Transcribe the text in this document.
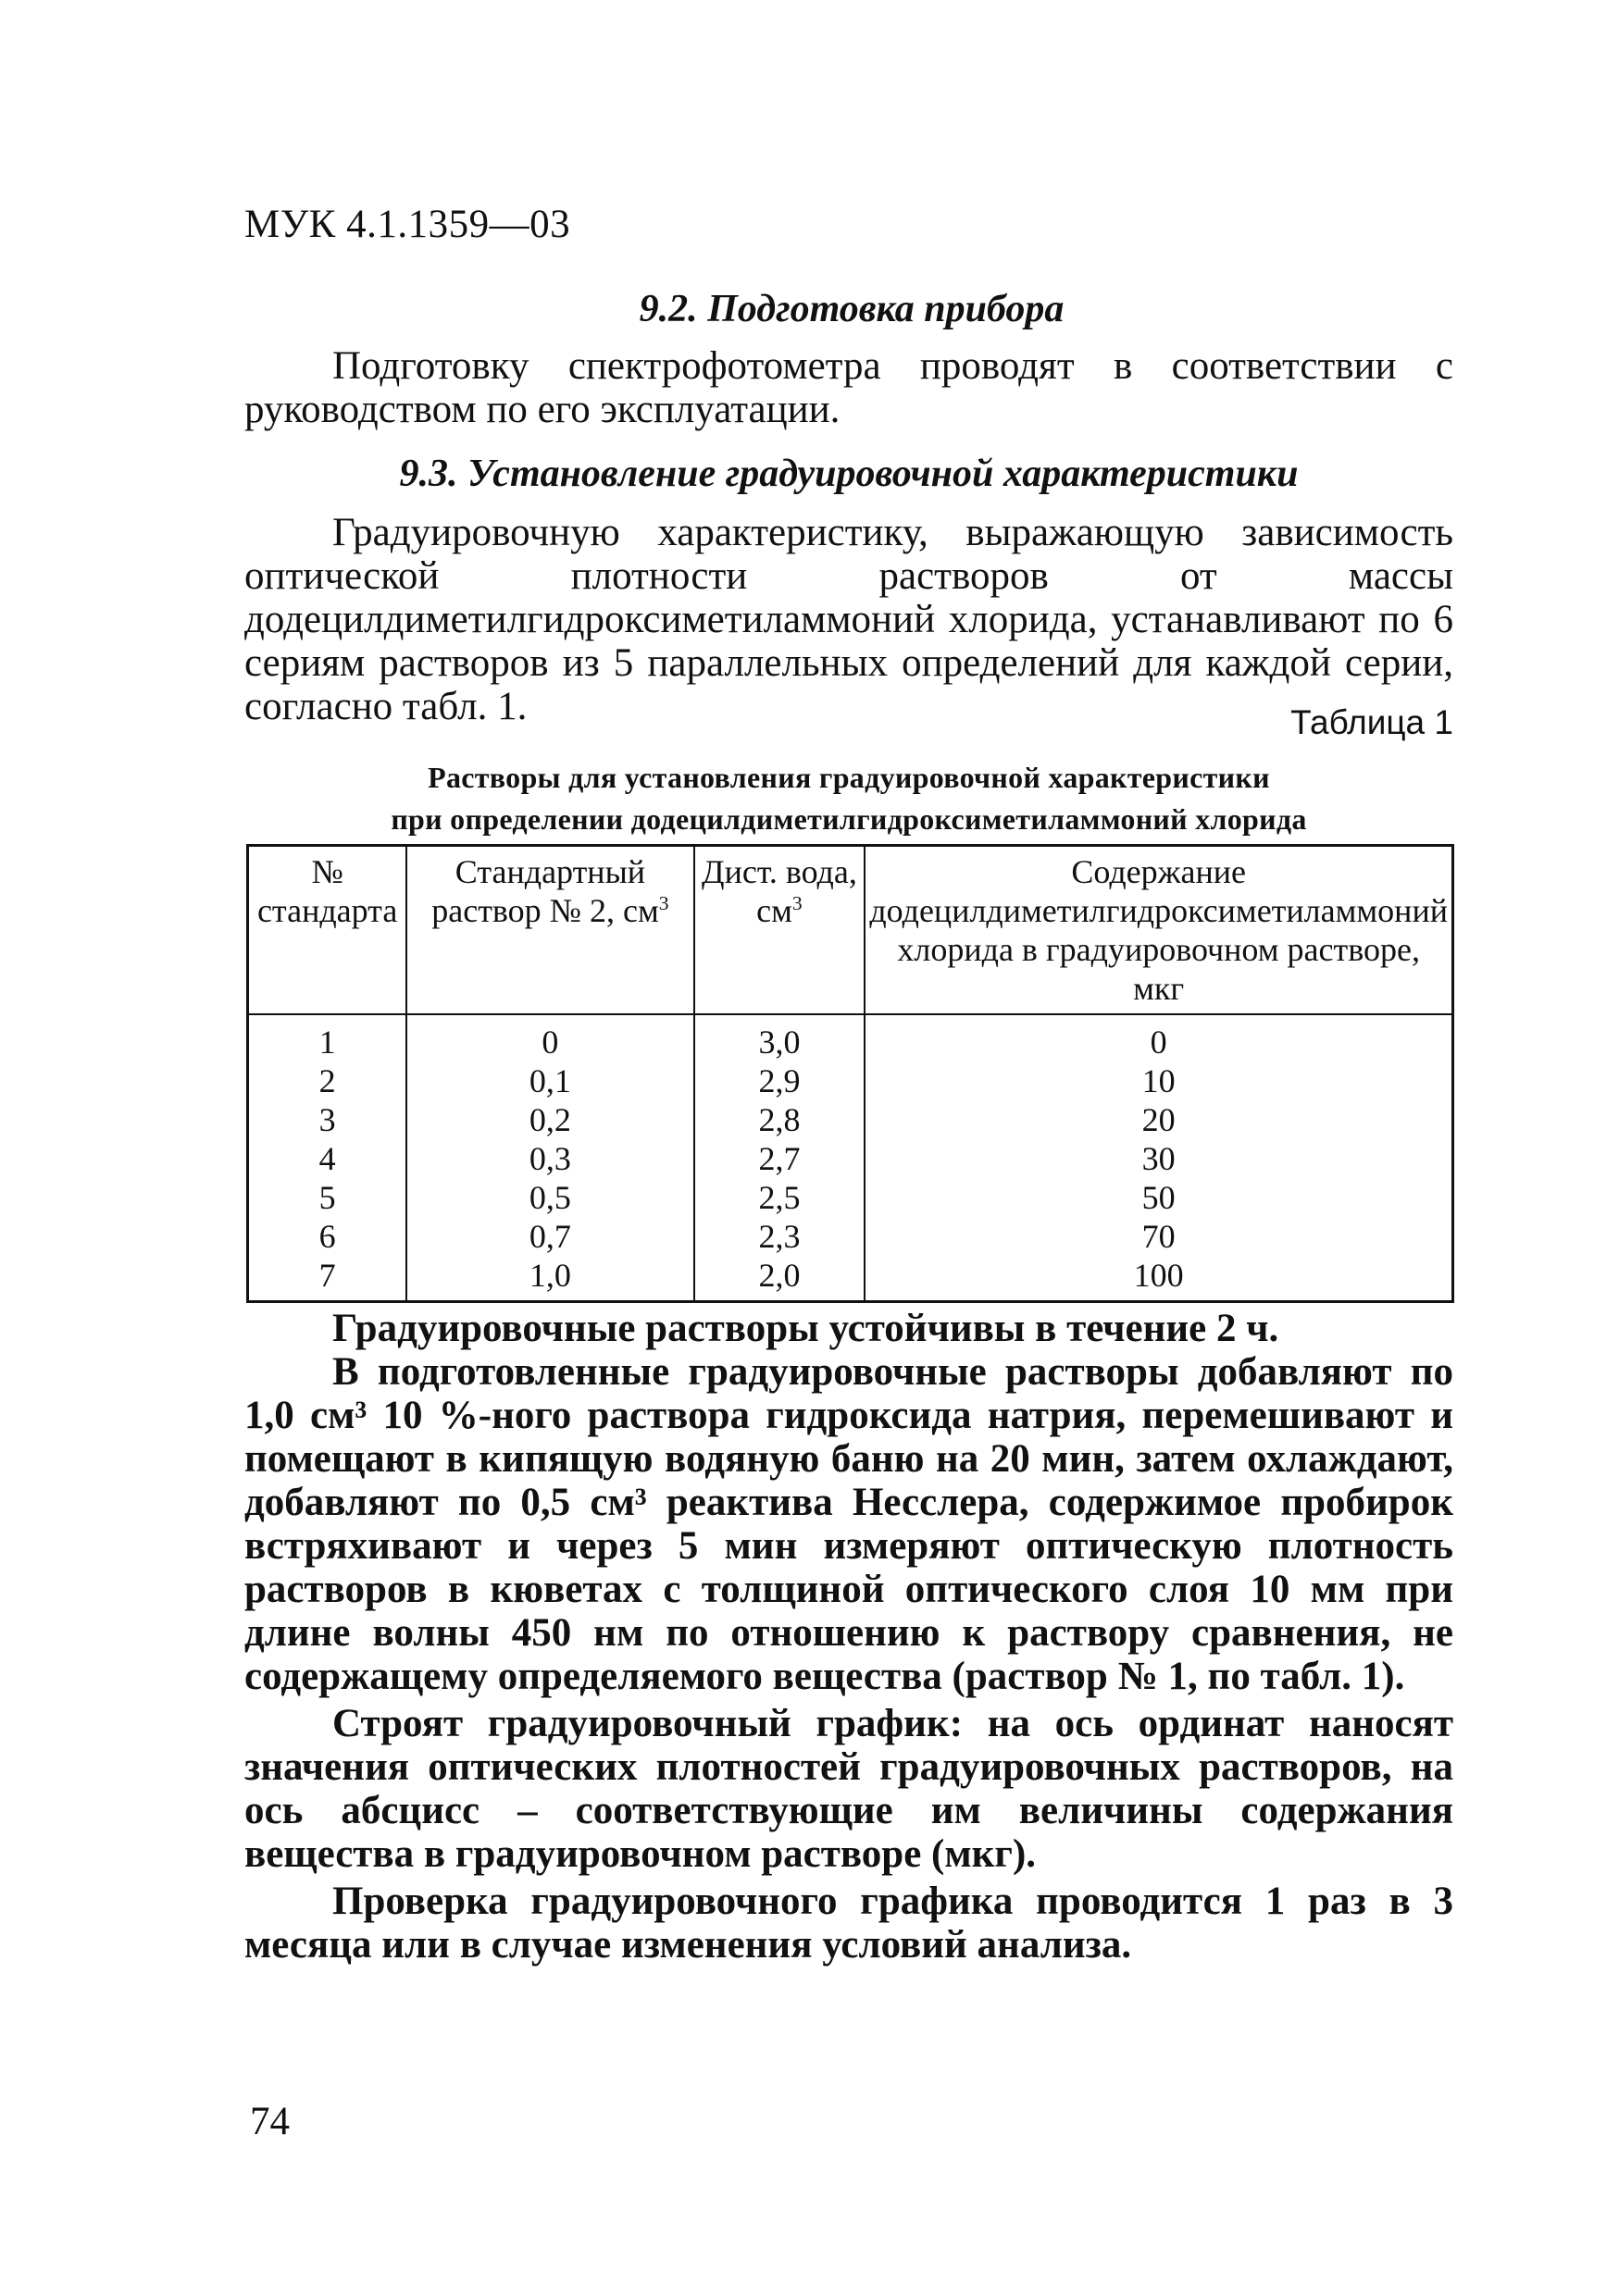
МУК 4.1.1359—03

9.2. Подготовка прибора

Подготовку спектрофотометра проводят в соответствии с руководством по его эксплуатации.

9.3. Установление градуировочной характеристики

Градуировочную характеристику, выражающую зависимость оптической плотности растворов от массы додецилдиметилгидроксиметиламмоний хлорида, устанавливают по 6 сериям растворов из 5 параллельных определений для каждой серии, согласно табл. 1.	Таблица 1
Растворы для установления градуировочной характеристики
при определении додецилдиметилгидроксиметиламмоний хлорида
№ стандарта	Стандартный раствор № 2, $см^3$	Дист. вода, $см^3$	Содержание додецилдиметилгидроксиметиламмоний хлорида в градуировочном растворе, мкг
1	0	3,0	0
2	0,1	2,9	10
3	0,2	2,8	20
4	0,3	2,7	30
5	0,5	2,5	50
6	0,7	2,3	70
7	1,0	2,0	100

Градуировочные растворы устойчивы в течение 2 ч.

В подготовленные градуировочные растворы добавляют по 1,0 см³ 10 %-ного раствора гидроксида натрия, перемешивают и помещают в кипящую водяную баню на 20 мин, затем охлаждают, добавляют по 0,5 см³ реактива Несслера, содержимое пробирок встряхивают и через 5 мин измеряют оптическую плотность растворов в кюветах с толщиной оптического слоя 10 мм при длине волны 450 нм по отношению к раствору сравнения, не содержащему определяемого вещества (раствор № 1, по табл. 1).

Строят градуировочный график: на ось ординат наносят значения оптических плотностей градуировочных растворов, на ось абсцисс – соответствующие им величины содержания вещества в градуировочном растворе (мкг).

Проверка градуировочного графика проводится 1 раз в 3 месяца или в случае изменения условий анализа.

74
